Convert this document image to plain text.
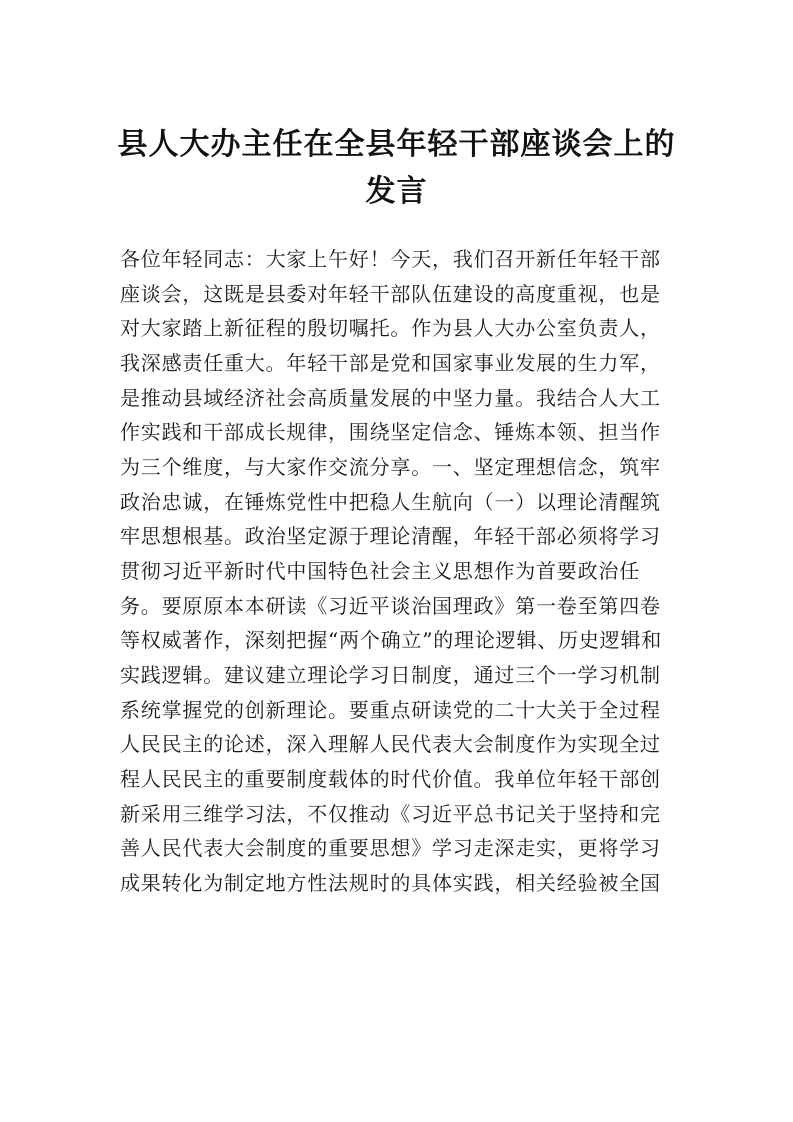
县人大办主任在全县年轻干部座谈会上的
发言
各位年轻同志：大家上午好！今天，我们召开新任年轻干部
座谈会，这既是县委对年轻干部队伍建设的高度重视，也是
对大家踏上新征程的殷切嘱托。作为县人大办公室负责人，
我深感责任重大。年轻干部是党和国家事业发展的生力军，
是推动县域经济社会高质量发展的中坚力量。我结合人大工
作实践和干部成长规律，围绕坚定信念、锤炼本领、担当作
为三个维度，与大家作交流分享。一、坚定理想信念，筑牢
政治忠诚，在锤炼党性中把稳人生航向（一）以理论清醒筑
牢思想根基。政治坚定源于理论清醒，年轻干部必须将学习
贯彻习近平新时代中国特色社会主义思想作为首要政治任
务。要原原本本研读《习近平谈治国理政》第一卷至第四卷
等权威著作，深刻把握“两个确立”的理论逻辑、历史逻辑和
实践逻辑。建议建立理论学习日制度，通过三个一学习机制
系统掌握党的创新理论。要重点研读党的二十大关于全过程
人民民主的论述，深入理解人民代表大会制度作为实现全过
程人民民主的重要制度载体的时代价值。我单位年轻干部创
新采用三维学习法，不仅推动《习近平总书记关于坚持和完
善人民代表大会制度的重要思想》学习走深走实，更将学习
成果转化为制定地方性法规时的具体实践，相关经验被全国
